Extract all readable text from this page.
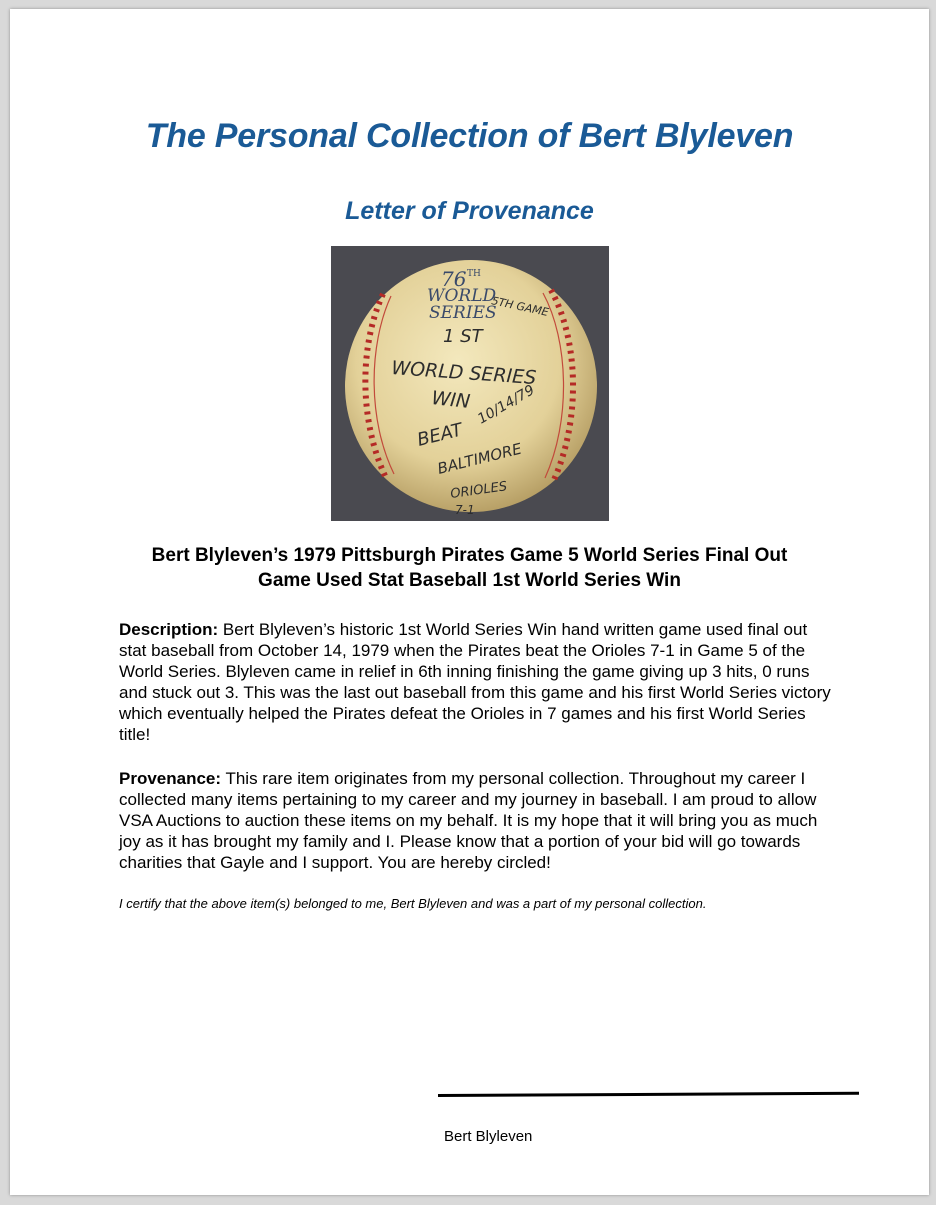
The Personal Collection of Bert Blyleven
Letter of Provenance
76 TH
WORLD
SERIES
5TH GAME
1 ST
WORLD SERIES
WIN 10/14/79
BEAT
BALTIMORE
ORIOLES
7-1
Bert Blyleven’s 1979 Pittsburgh Pirates Game 5 World Series Final Out
Game Used Stat Baseball 1st World Series Win

Description: Bert Blyleven’s historic 1st World Series Win hand written game used final out stat baseball from October 14, 1979 when the Pirates beat the Orioles 7-1 in Game 5 of the World Series. Blyleven came in relief in 6th inning finishing the game giving up 3 hits, 0 runs and stuck out 3. This was the last out baseball from this game and his first World Series victory which eventually helped the Pirates defeat the Orioles in 7 games and his first World Series title!

Provenance: This rare item originates from my personal collection. Throughout my career I collected many items pertaining to my career and my journey in baseball. I am proud to allow VSA Auctions to auction these items on my behalf. It is my hope that it will bring you as much joy as it has brought my family and I. Please know that a portion of your bid will go towards charities that Gayle and I support. You are hereby circled!

I certify that the above item(s) belonged to me, Bert Blyleven and was a part of my personal collection.

Bert Blyleven
